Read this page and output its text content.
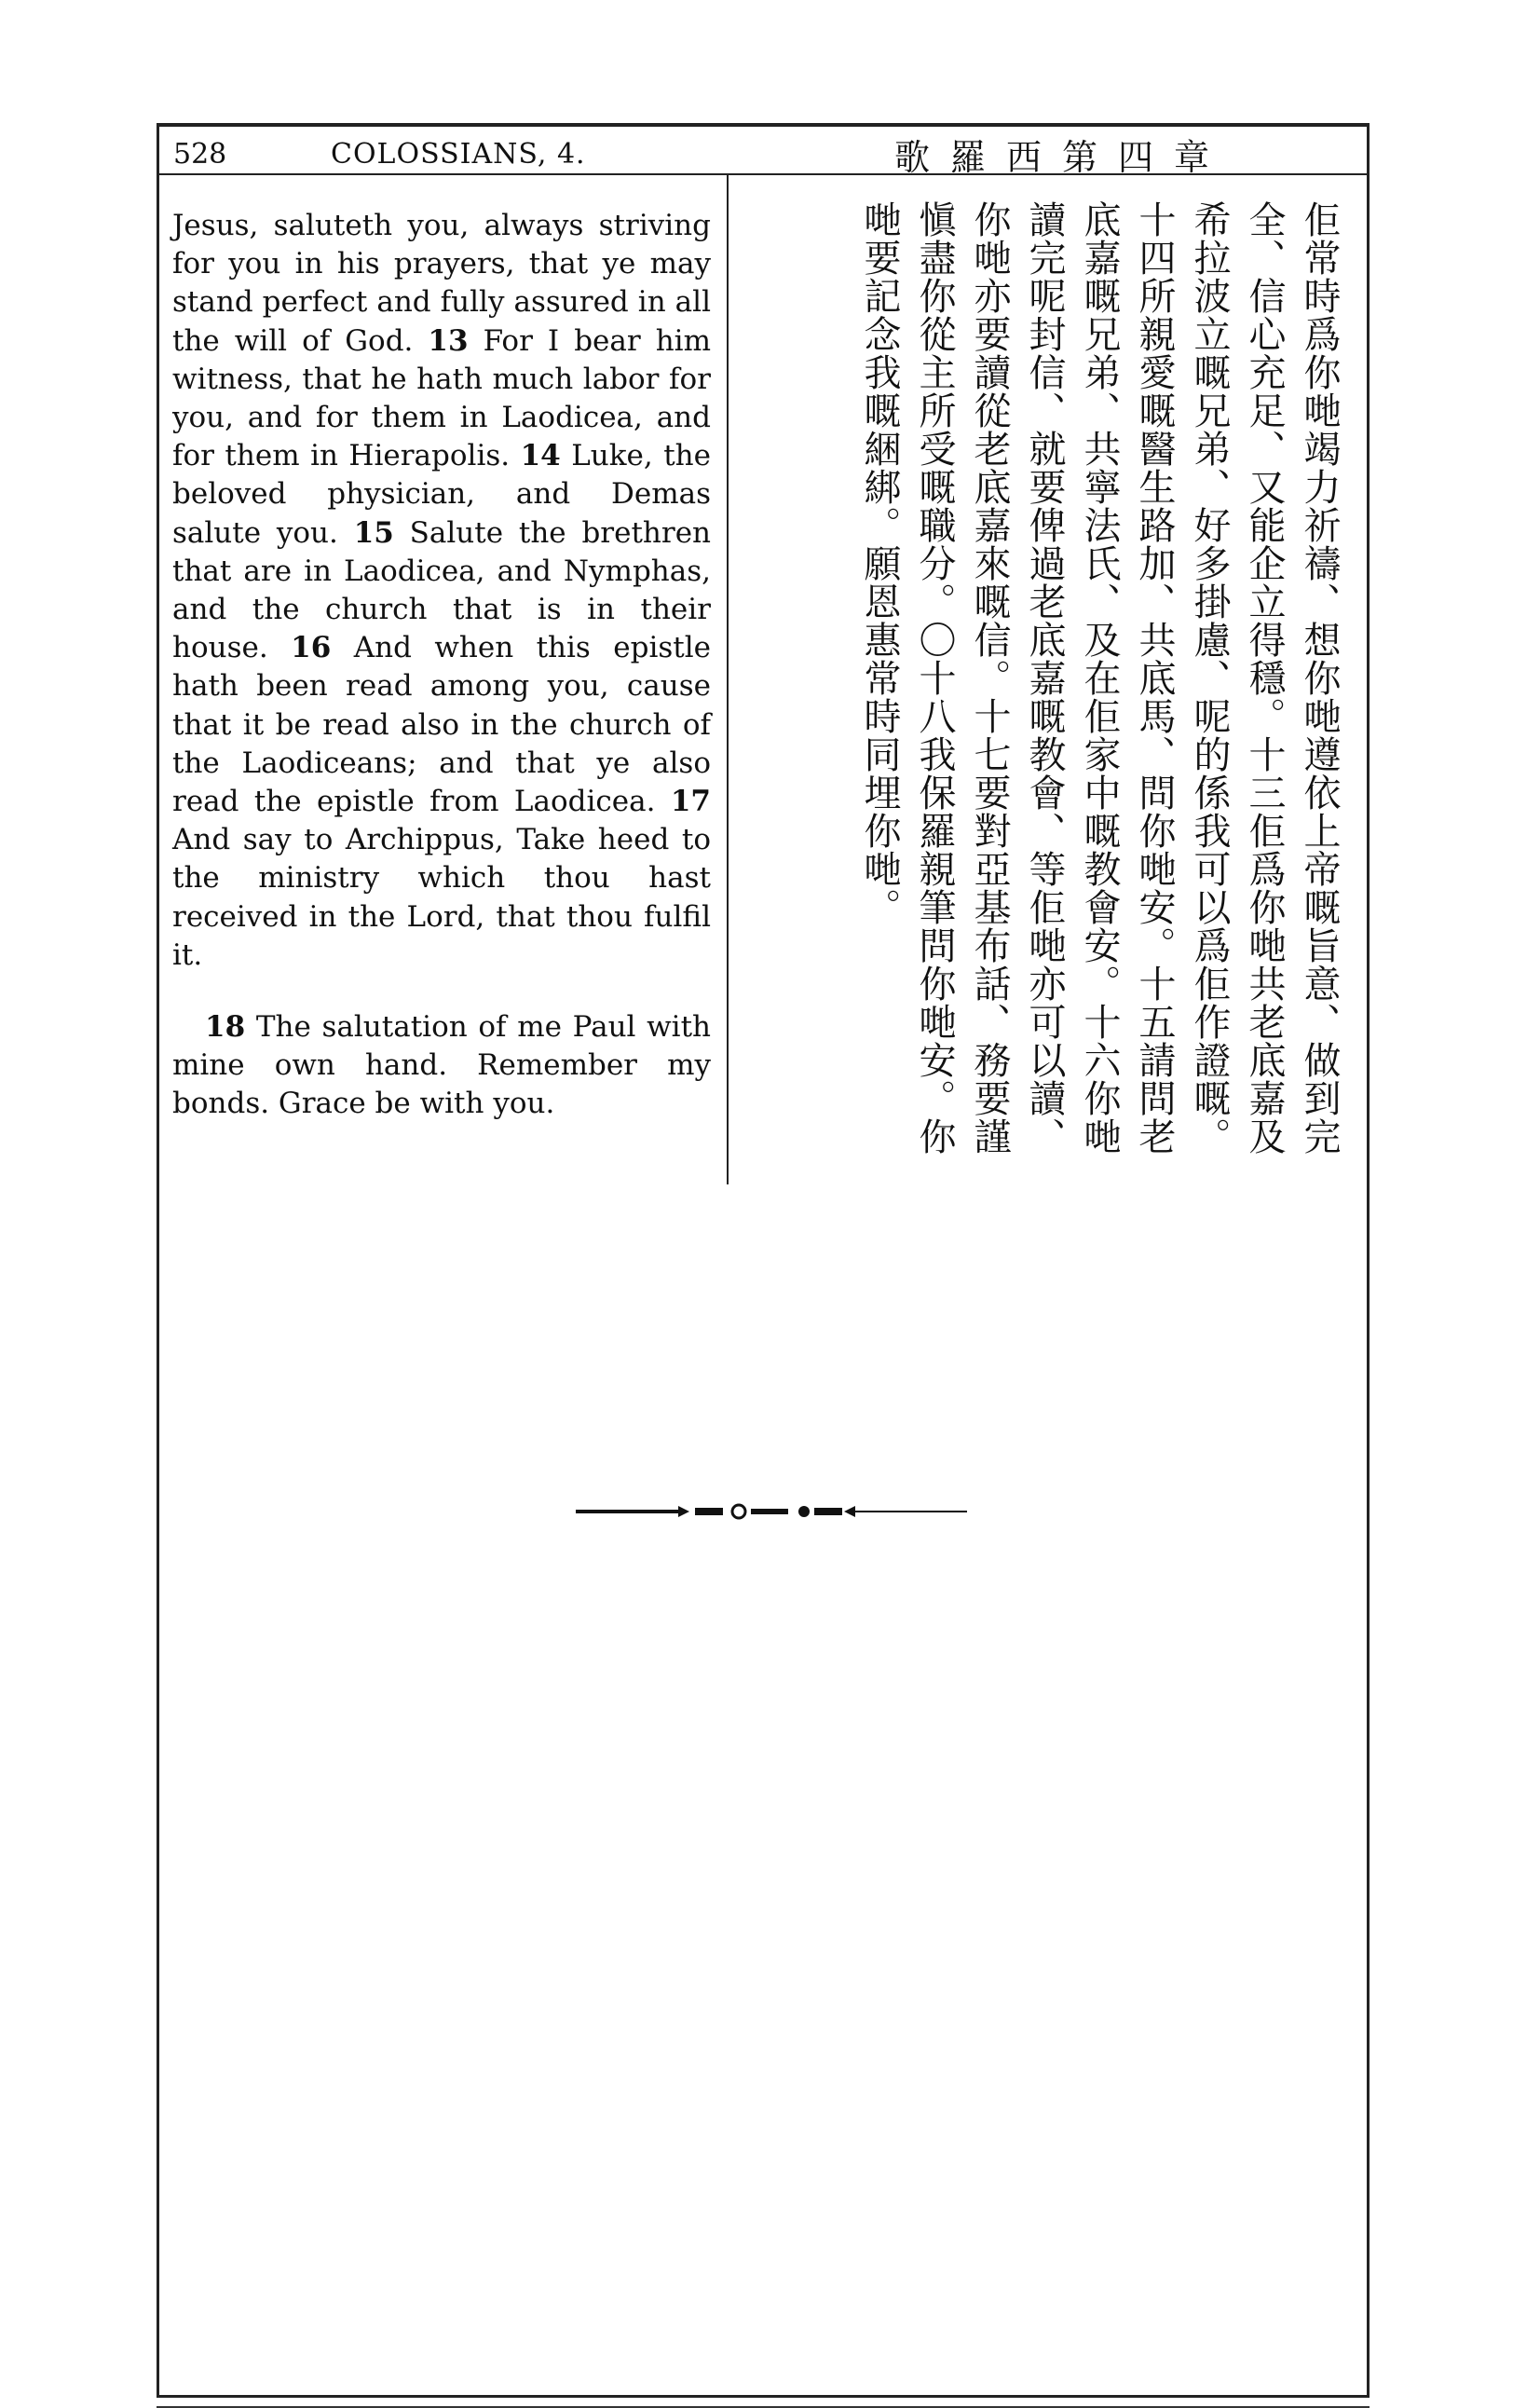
528	COLOSSIANS, 4.	歌羅西第四章

Jesus, saluteth you, always striving for you in his prayers, that ye may stand perfect and fully assured in all the will of God. 13 For I bear him witness, that he hath much labor for you, and for them in Laodicea, and for them in Hierapolis. 14 Luke, the beloved physician, and Demas salute you. 15 Salute the brethren that are in Laodicea, and Nymphas, and the church that is in their house. 16 And when this epistle hath been read among you, cause that it be read also in the church of the Laodiceans; and that ye also read the epistle from Laodicea. 17 And say to Archippus, Take heed to the ministry which thou hast received in the Lord, that thou fulfil it.

18 The salutation of me Paul with mine own hand. Remember my bonds. Grace be with you.	佢常時爲你哋竭力祈禱、想你哋遵依上帝嘅旨意、做到完全、信心充足、又能企立得穩。十三佢爲你哋共老底嘉及希拉波立嘅兄弟、好多掛慮、呢的係我可以爲佢作證嘅。十四所親愛嘅醫生路加、共底馬、問你哋安。十五請問老底嘉嘅兄弟、共寧法氏、及在佢家中嘅教會安。十六你哋讀完呢封信、就要俾過老底嘉嘅教會、等佢哋亦可以讀、你哋亦要讀從老底嘉來嘅信。十七要對亞基布話、務要謹愼盡你從主所受嘅職分。〇十八我保羅親筆問你哋安。你哋要記念我嘅綑綁。願恩惠常時同埋你哋。
